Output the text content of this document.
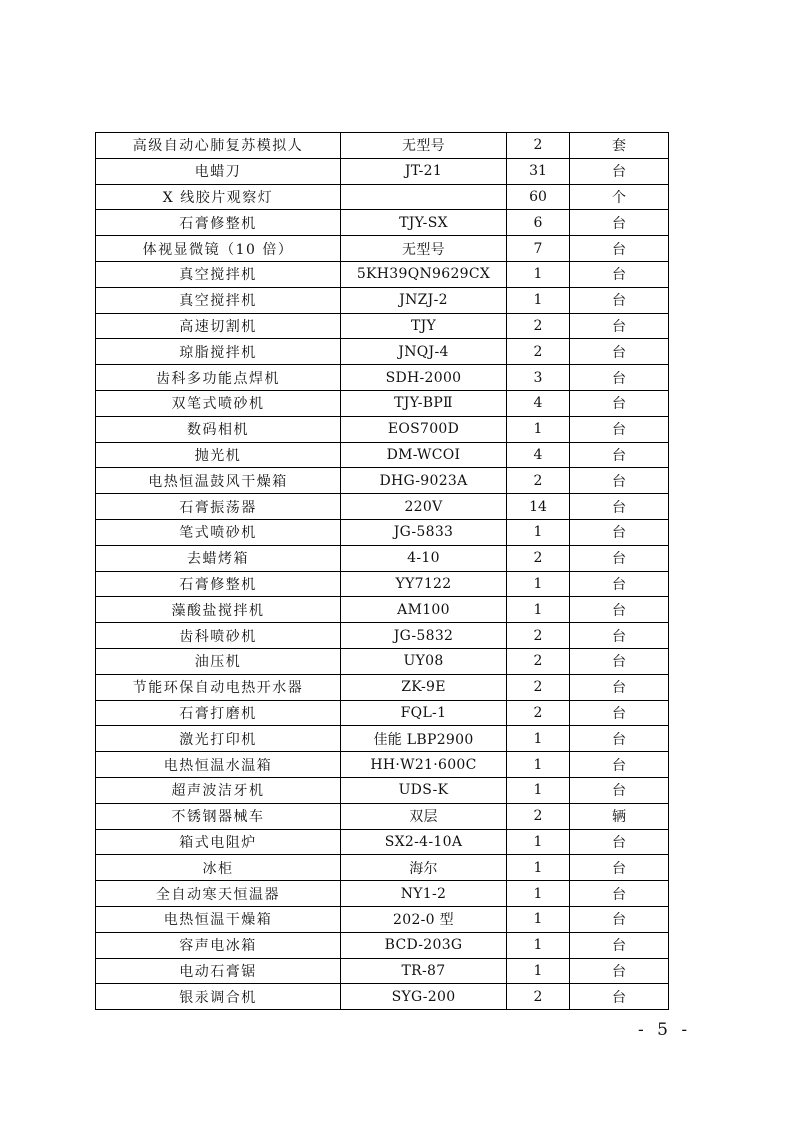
高级自动心肺复苏模拟人	无型号	2	套
电蜡刀	JT-21	31	台
X 线胶片观察灯		60	个
石膏修整机	TJY-SX	6	台
体视显微镜（10 倍）	无型号	7	台
真空搅拌机	5KH39QN9629CX	1	台
真空搅拌机	JNZJ-2	1	台
高速切割机	TJY	2	台
琼脂搅拌机	JNQJ-4	2	台
齿科多功能点焊机	SDH-2000	3	台
双笔式喷砂机	TJY-BPⅡ	4	台
数码相机	EOS700D	1	台
抛光机	DM-WCOI	4	台
电热恒温鼓风干燥箱	DHG-9023A	2	台
石膏振荡器	220V	14	台
笔式喷砂机	JG-5833	1	台
去蜡烤箱	4-10	2	台
石膏修整机	YY7122	1	台
藻酸盐搅拌机	AM100	1	台
齿科喷砂机	JG-5832	2	台
油压机	UY08	2	台
节能环保自动电热开水器	ZK-9E	2	台
石膏打磨机	FQL-1	2	台
激光打印机	佳能 LBP2900	1	台
电热恒温水温箱	HH·W21·600C	1	台
超声波洁牙机	UDS-K	1	台
不锈钢器械车	双层	2	辆
箱式电阻炉	SX2-4-10A	1	台
冰柜	海尔	1	台
全自动寒天恒温器	NY1-2	1	台
电热恒温干燥箱	202-0 型	1	台
容声电冰箱	BCD-203G	1	台
电动石膏锯	TR-87	1	台
银汞调合机	SYG-200	2	台
- 5 -
